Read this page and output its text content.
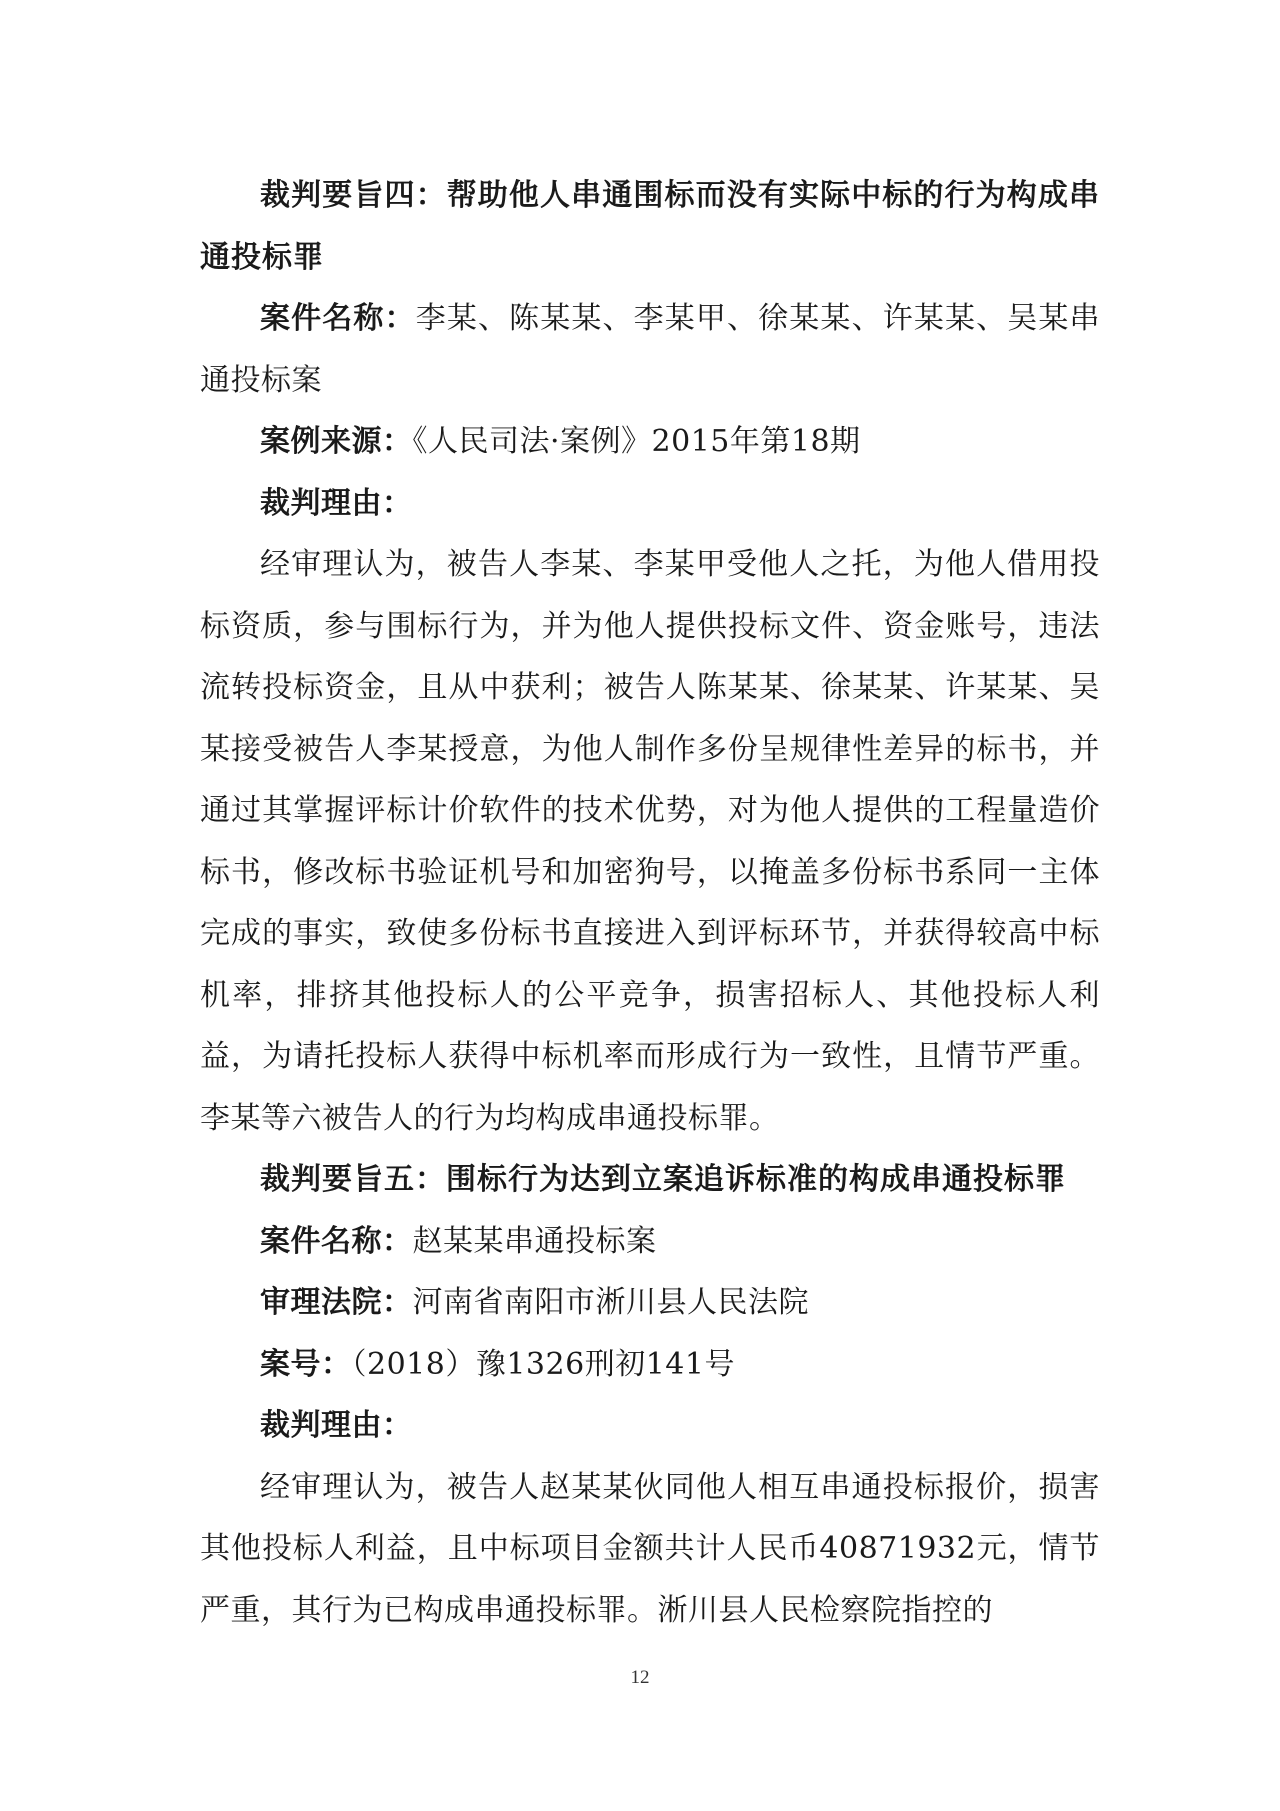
裁判要旨四：帮助他人串通围标而没有实际中标的行为构成串通投标罪

案件名称：李某、陈某某、李某甲、徐某某、许某某、吴某串通投标案

案例来源：《人民司法·案例》2015年第18期

裁判理由：

经审理认为，被告人李某、李某甲受他人之托，为他人借用投标资质，参与围标行为，并为他人提供投标文件、资金账号，违法流转投标资金，且从中获利；被告人陈某某、徐某某、许某某、吴某接受被告人李某授意，为他人制作多份呈规律性差异的标书，并通过其掌握评标计价软件的技术优势，对为他人提供的工程量造价标书，修改标书验证机号和加密狗号，以掩盖多份标书系同一主体完成的事实，致使多份标书直接进入到评标环节，并获得较高中标机率，排挤其他投标人的公平竞争，损害招标人、其他投标人利益，为请托投标人获得中标机率而形成行为一致性，且情节严重。李某等六被告人的行为均构成串通投标罪。

裁判要旨五：围标行为达到立案追诉标准的构成串通投标罪

案件名称：赵某某串通投标案

审理法院：河南省南阳市淅川县人民法院

案号：（2018）豫1326刑初141号

裁判理由：

经审理认为，被告人赵某某伙同他人相互串通投标报价，损害其他投标人利益，且中标项目金额共计人民币40871932元，情节严重，其行为已构成串通投标罪。淅川县人民检察院指控的

12
